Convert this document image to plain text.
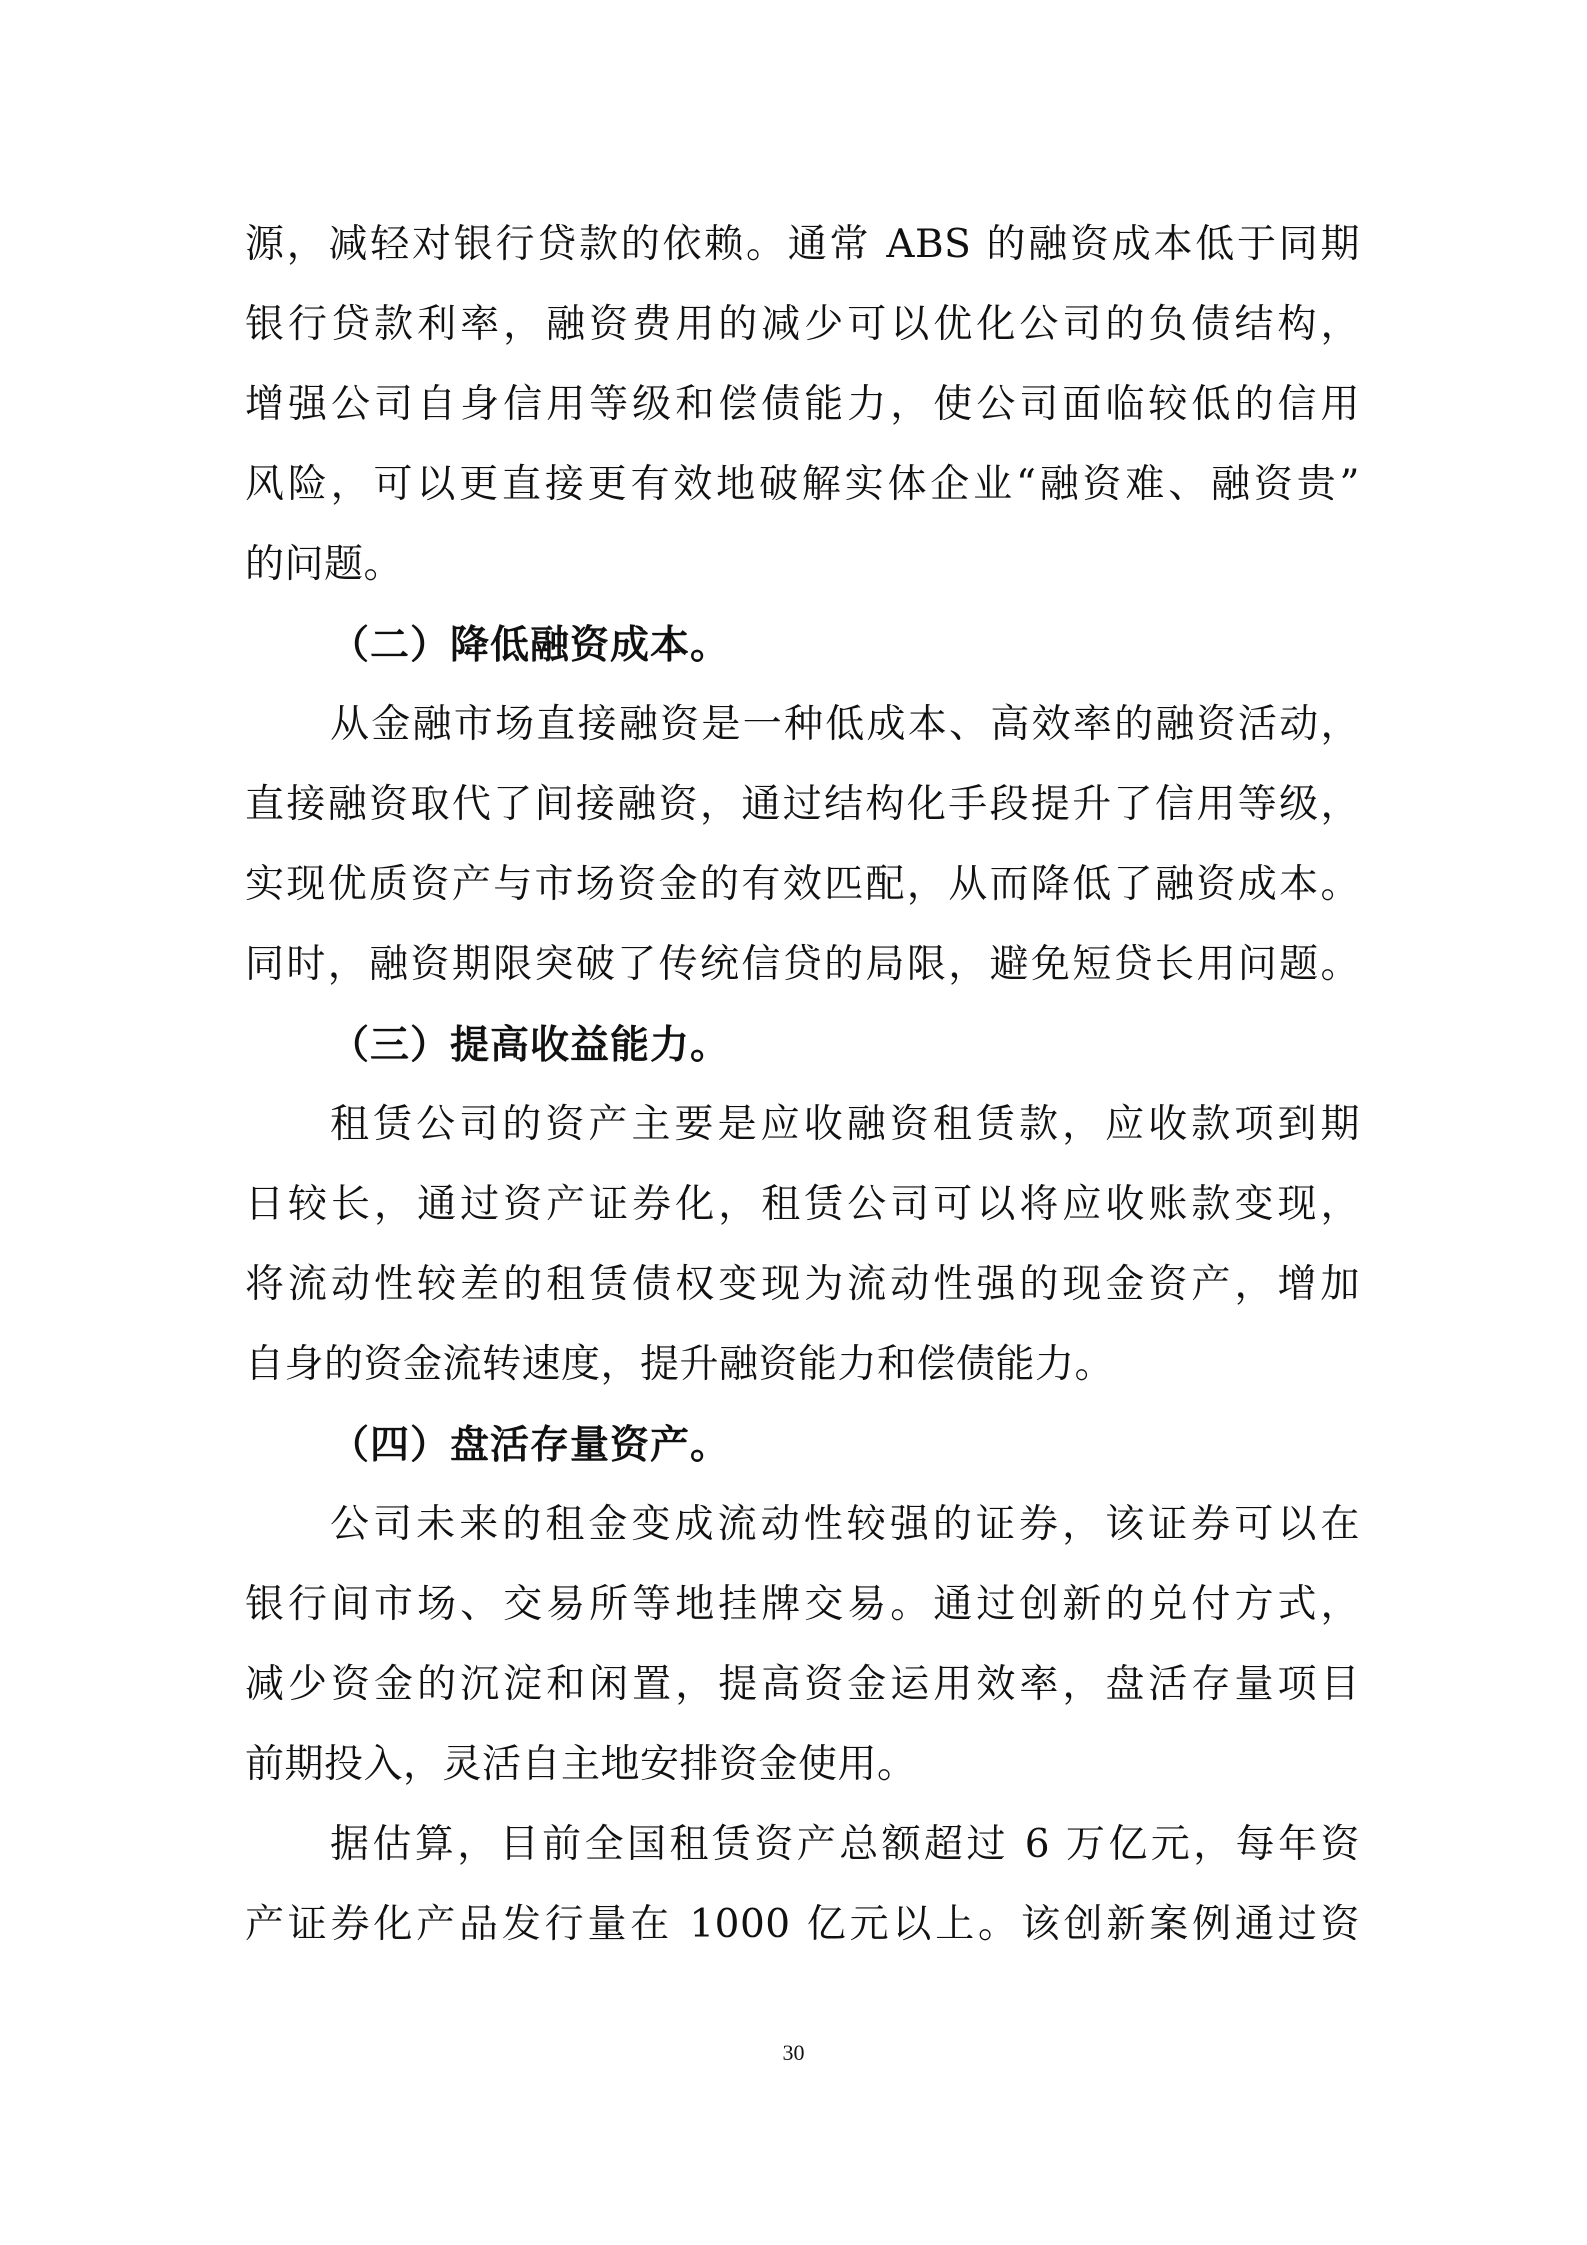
源，减轻对银行贷款的依赖。通常 ABS 的融资成本低于同期
银行贷款利率，融资费用的减少可以优化公司的负债结构，
增强公司自身信用等级和偿债能力，使公司面临较低的信用
风险，可以更直接更有效地破解实体企业“融资难、融资贵”
的问题。
（二）降低融资成本。
从金融市场直接融资是一种低成本、高效率的融资活动，
直接融资取代了间接融资，通过结构化手段提升了信用等级，
实现优质资产与市场资金的有效匹配，从而降低了融资成本。
同时，融资期限突破了传统信贷的局限，避免短贷长用问题。
（三）提高收益能力。
租赁公司的资产主要是应收融资租赁款，应收款项到期
日较长，通过资产证券化，租赁公司可以将应收账款变现，
将流动性较差的租赁债权变现为流动性强的现金资产，增加
自身的资金流转速度，提升融资能力和偿债能力。
（四）盘活存量资产。
公司未来的租金变成流动性较强的证券，该证券可以在
银行间市场、交易所等地挂牌交易。通过创新的兑付方式，
减少资金的沉淀和闲置，提高资金运用效率，盘活存量项目
前期投入，灵活自主地安排资金使用。
据估算，目前全国租赁资产总额超过 6 万亿元，每年资
产证券化产品发行量在 1000 亿元以上。该创新案例通过资
30
